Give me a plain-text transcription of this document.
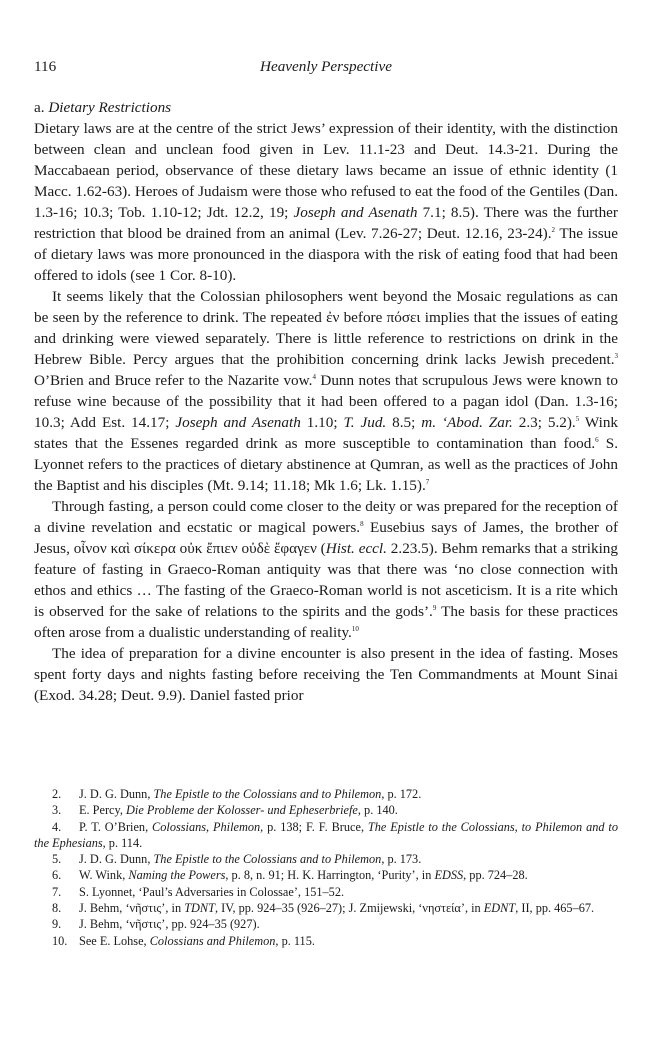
116	Heavenly Perspective
a. Dietary Restrictions

Dietary laws are at the centre of the strict Jews’ expression of their identity, with the distinction between clean and unclean food given in Lev. 11.1-23 and Deut. 14.3-21. During the Maccabaean period, observance of these dietary laws became an issue of ethnic identity (1 Macc. 1.62-63). Heroes of Judaism were those who refused to eat the food of the Gentiles (Dan. 1.3-16; 10.3; Tob. 1.10-12; Jdt. 12.2, 19; Joseph and Asenath 7.1; 8.5). There was the further restriction that blood be drained from an animal (Lev. 7.26-27; Deut. 12.16, 23-24).$^2$ The issue of dietary laws was more pronounced in the diaspora with the risk of eating food that had been offered to idols (see 1 Cor. 8-10).

It seems likely that the Colossian philosophers went beyond the Mosaic regulations as can be seen by the reference to drink. The repeated ἐν before πόσει implies that the issues of eating and drinking were viewed separately. There is little reference to restrictions on drink in the Hebrew Bible. Percy argues that the prohibition concerning drink lacks Jewish precedent.$^3$ O’Brien and Bruce refer to the Nazarite vow.$^4$ Dunn notes that scrupulous Jews were known to refuse wine because of the possibility that it had been offered to a pagan idol (Dan. 1.3-16; 10.3; Add Est. 14.17; Joseph and Asenath 1.10; T. Jud. 8.5; m. ‘Abod. Zar. 2.3; 5.2).$^5$ Wink states that the Essenes regarded drink as more susceptible to contamination than food.$^6$ S. Lyonnet refers to the practices of dietary abstinence at Qumran, as well as the practices of John the Baptist and his disciples (Mt. 9.14; 11.18; Mk 1.6; Lk. 1.15).$^7$

Through fasting, a person could come closer to the deity or was prepared for the reception of a divine revelation and ecstatic or magical powers.$^8$ Eusebius says of James, the brother of Jesus, οἶνον καὶ σίκερα οὐκ ἔπιεν οὐδὲ ἔφαγεν (Hist. eccl. 2.23.5). Behm remarks that a striking feature of fasting in Graeco-Roman antiquity was that there was ‘no close connection with ethos and ethics … The fasting of the Graeco-Roman world is not asceticism. It is a rite which is observed for the sake of relations to the spirits and the gods’.$^9$ The basis for these practices often arose from a dualistic understanding of reality.$^{10}$

The idea of preparation for a divine encounter is also present in the idea of fasting. Moses spent forty days and nights fasting before receiving the Ten Commandments at Mount Sinai (Exod. 34.28; Deut. 9.9). Daniel fasted prior

2. J. D. G. Dunn, The Epistle to the Colossians and to Philemon, p. 172.

3. E. Percy, Die Probleme der Kolosser- und Epheserbriefe, p. 140.

4. P. T. O’Brien, Colossians, Philemon, p. 138; F. F. Bruce, The Epistle to the Colossians, to Philemon and to the Ephesians, p. 114.

5. J. D. G. Dunn, The Epistle to the Colossians and to Philemon, p. 173.

6. W. Wink, Naming the Powers, p. 8, n. 91; H. K. Harrington, ‘Purity’, in EDSS, pp. 724–28.

7. S. Lyonnet, ‘Paul’s Adversaries in Colossae’, 151–52.

8. J. Behm, ‘νῆστις’, in TDNT, IV, pp. 924–35 (926–27); J. Zmijewski, ‘νηστεία’, in EDNT, II, pp. 465–67.

9. J. Behm, ‘νῆστις’, pp. 924–35 (927).

10. See E. Lohse, Colossians and Philemon, p. 115.
